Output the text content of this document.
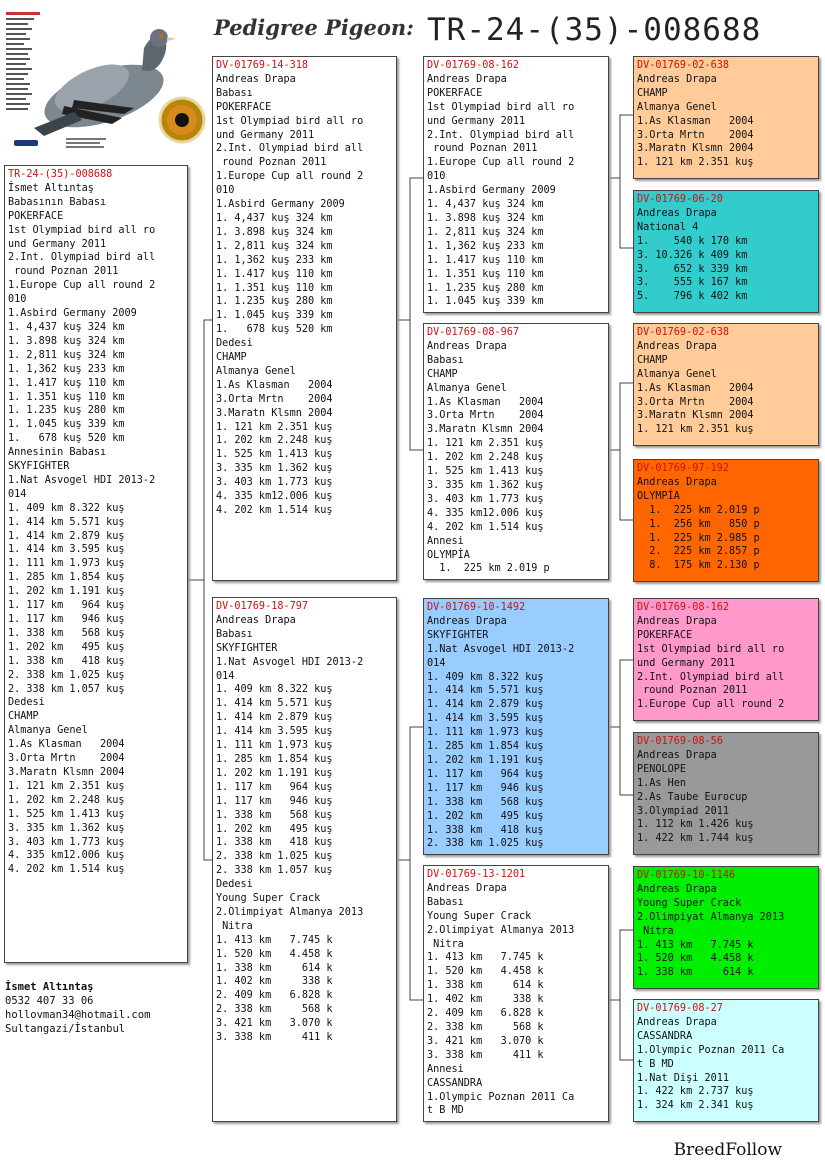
Pedigree Pigeon: TR-24-(35)-008688
TR-24-(35)-008688
İsmet Altıntaş
Babasının Babası
POKERFACE
1st Olympiad bird all ro
und Germany 2011
2.Int. Olympiad bird all
round Poznan 2011
1.Europe Cup all round 2
010
1.Asbird Germany 2009
1. 4,437 kuş 324 km
1. 3.898 kuş 324 km
1. 2,811 kuş 324 km
1. 1,362 kuş 233 km
1. 1.417 kuş 110 km
1. 1.351 kuş 110 km
1. 1.235 kuş 280 km
1. 1.045 kuş 339 km
1.   678 kuş 520 km
Annesinin Babası
SKYFIGHTER
1.Nat Asvogel HDI 2013-2
014
1. 409 km 8.322 kuş
1. 414 km 5.571 kuş
1. 414 km 2.879 kuş
1. 414 km 3.595 kuş
1. 111 km 1.973 kuş
1. 285 km 1.854 kuş
1. 202 km 1.191 kuş
1. 117 km   964 kuş
1. 117 km   946 kuş
1. 338 km   568 kuş
1. 202 km   495 kuş
1. 338 km   418 kuş
2. 338 km 1.025 kuş
2. 338 km 1.057 kuş
Dedesi
CHAMP
Almanya Genel
1.As Klasman   2004
3.Orta Mrtn    2004
3.Maratn Klsmn 2004
1. 121 km 2.351 kuş
1. 202 km 2.248 kuş
1. 525 km 1.413 kuş
3. 335 km 1.362 kuş
3. 403 km 1.773 kuş
4. 335 km12.006 kuş
4. 202 km 1.514 kuş
DV-01769-14-318
Andreas Drapa
Babası
POKERFACE
1st Olympiad bird all ro
und Germany 2011
2.Int. Olympiad bird all
round Poznan 2011
1.Europe Cup all round 2
010
1.Asbird Germany 2009
1. 4,437 kuş 324 km
1. 3.898 kuş 324 km
1. 2,811 kuş 324 km
1. 1,362 kuş 233 km
1. 1.417 kuş 110 km
1. 1.351 kuş 110 km
1. 1.235 kuş 280 km
1. 1.045 kuş 339 km
1.   678 kuş 520 km
Dedesi
CHAMP
Almanya Genel
1.As Klasman   2004
3.Orta Mrtn    2004
3.Maratn Klsmn 2004
1. 121 km 2.351 kuş
1. 202 km 2.248 kuş
1. 525 km 1.413 kuş
3. 335 km 1.362 kuş
3. 403 km 1.773 kuş
4. 335 km12.006 kuş
4. 202 km 1.514 kuş
DV-01769-18-797
Andreas Drapa
Babası
SKYFIGHTER
1.Nat Asvogel HDI 2013-2
014
1. 409 km 8.322 kuş
1. 414 km 5.571 kuş
1. 414 km 2.879 kuş
1. 414 km 3.595 kuş
1. 111 km 1.973 kuş
1. 285 km 1.854 kuş
1. 202 km 1.191 kuş
1. 117 km   964 kuş
1. 117 km   946 kuş
1. 338 km   568 kuş
1. 202 km   495 kuş
1. 338 km   418 kuş
2. 338 km 1.025 kuş
2. 338 km 1.057 kuş
Dedesi
Young Super Crack
2.Olimpiyat Almanya 2013
Nitra
1. 413 km   7.745 k
1. 520 km   4.458 k
1. 338 km     614 k
1. 402 km     338 k
2. 409 km   6.828 k
2. 338 km     568 k
3. 421 km   3.070 k
3. 338 km     411 k
DV-01769-08-162
Andreas Drapa
POKERFACE
1st Olympiad bird all ro
und Germany 2011
2.Int. Olympiad bird all
round Poznan 2011
1.Europe Cup all round 2
010
1.Asbird Germany 2009
1. 4,437 kuş 324 km
1. 3.898 kuş 324 km
1. 2,811 kuş 324 km
1. 1,362 kuş 233 km
1. 1.417 kuş 110 km
1. 1.351 kuş 110 km
1. 1.235 kuş 280 km
1. 1.045 kuş 339 km
DV-01769-08-967
Andreas Drapa
Babası
CHAMP
Almanya Genel
1.As Klasman   2004
3.Orta Mrtn    2004
3.Maratn Klsmn 2004
1. 121 km 2.351 kuş
1. 202 km 2.248 kuş
1. 525 km 1.413 kuş
3. 335 km 1.362 kuş
3. 403 km 1.773 kuş
4. 335 km12.006 kuş
4. 202 km 1.514 kuş
Annesi
OLYMPİA
1.  225 km 2.019 p
DV-01769-10-1492
Andreas Drapa
SKYFIGHTER
1.Nat Asvogel HDI 2013-2
014
1. 409 km 8.322 kuş
1. 414 km 5.571 kuş
1. 414 km 2.879 kuş
1. 414 km 3.595 kuş
1. 111 km 1.973 kuş
1. 285 km 1.854 kuş
1. 202 km 1.191 kuş
1. 117 km   964 kuş
1. 117 km   946 kuş
1. 338 km   568 kuş
1. 202 km   495 kuş
1. 338 km   418 kuş
2. 338 km 1.025 kuş
DV-01769-13-1201
Andreas Drapa
Babası
Young Super Crack
2.Olimpiyat Almanya 2013
Nitra
1. 413 km   7.745 k
1. 520 km   4.458 k
1. 338 km     614 k
1. 402 km     338 k
2. 409 km   6.828 k
2. 338 km     568 k
3. 421 km   3.070 k
3. 338 km     411 k
Annesi
CASSANDRA
1.Olympic Poznan 2011 Ca
t B MD
DV-01769-02-638
Andreas Drapa
CHAMP
Almanya Genel
1.As Klasman   2004
3.Orta Mrtn    2004
3.Maratn Klsmn 2004
1. 121 km 2.351 kuş
DV-01769-06-20
Andreas Drapa
National 4
1.    540 k 170 km
3. 10.326 k 409 km
3.    652 k 339 km
3.    555 k 167 km
5.    796 k 402 km
DV-01769-02-638
Andreas Drapa
CHAMP
Almanya Genel
1.As Klasman   2004
3.Orta Mrtn    2004
3.Maratn Klsmn 2004
1. 121 km 2.351 kuş
DV-01769-97-192
Andreas Drapa
OLYMPİA
1.  225 km 2.019 p
1.  256 km   850 p
1.  225 km 2.985 p
2.  225 km 2.857 p
8.  175 km 2.130 p
DV-01769-08-162
Andreas Drapa
POKERFACE
1st Olympiad bird all ro
und Germany 2011
2.Int. Olympiad bird all
round Poznan 2011
1.Europe Cup all round 2
DV-01769-08-56
Andreas Drapa
PENOLOPE
1.As Hen
2.As Taube Eurocup
3.Olympiad 2011
1. 112 km 1.426 kuş
1. 422 km 1.744 kuş
DV-01769-10-1146
Andreas Drapa
Young Super Crack
2.Olimpiyat Almanya 2013
Nitra
1. 413 km   7.745 k
1. 520 km   4.458 k
1. 338 km     614 k
DV-01769-08-27
Andreas Drapa
CASSANDRA
1.Olympic Poznan 2011 Ca
t B MD
1.Nat Dişi 2011
1. 422 km 2.737 kuş
1. 324 km 2.341 kuş
İsmet Altıntaş
0532 407 33 06
hollovman34@hotmail.com
Sultangazi/İstanbul
BreedFollow
